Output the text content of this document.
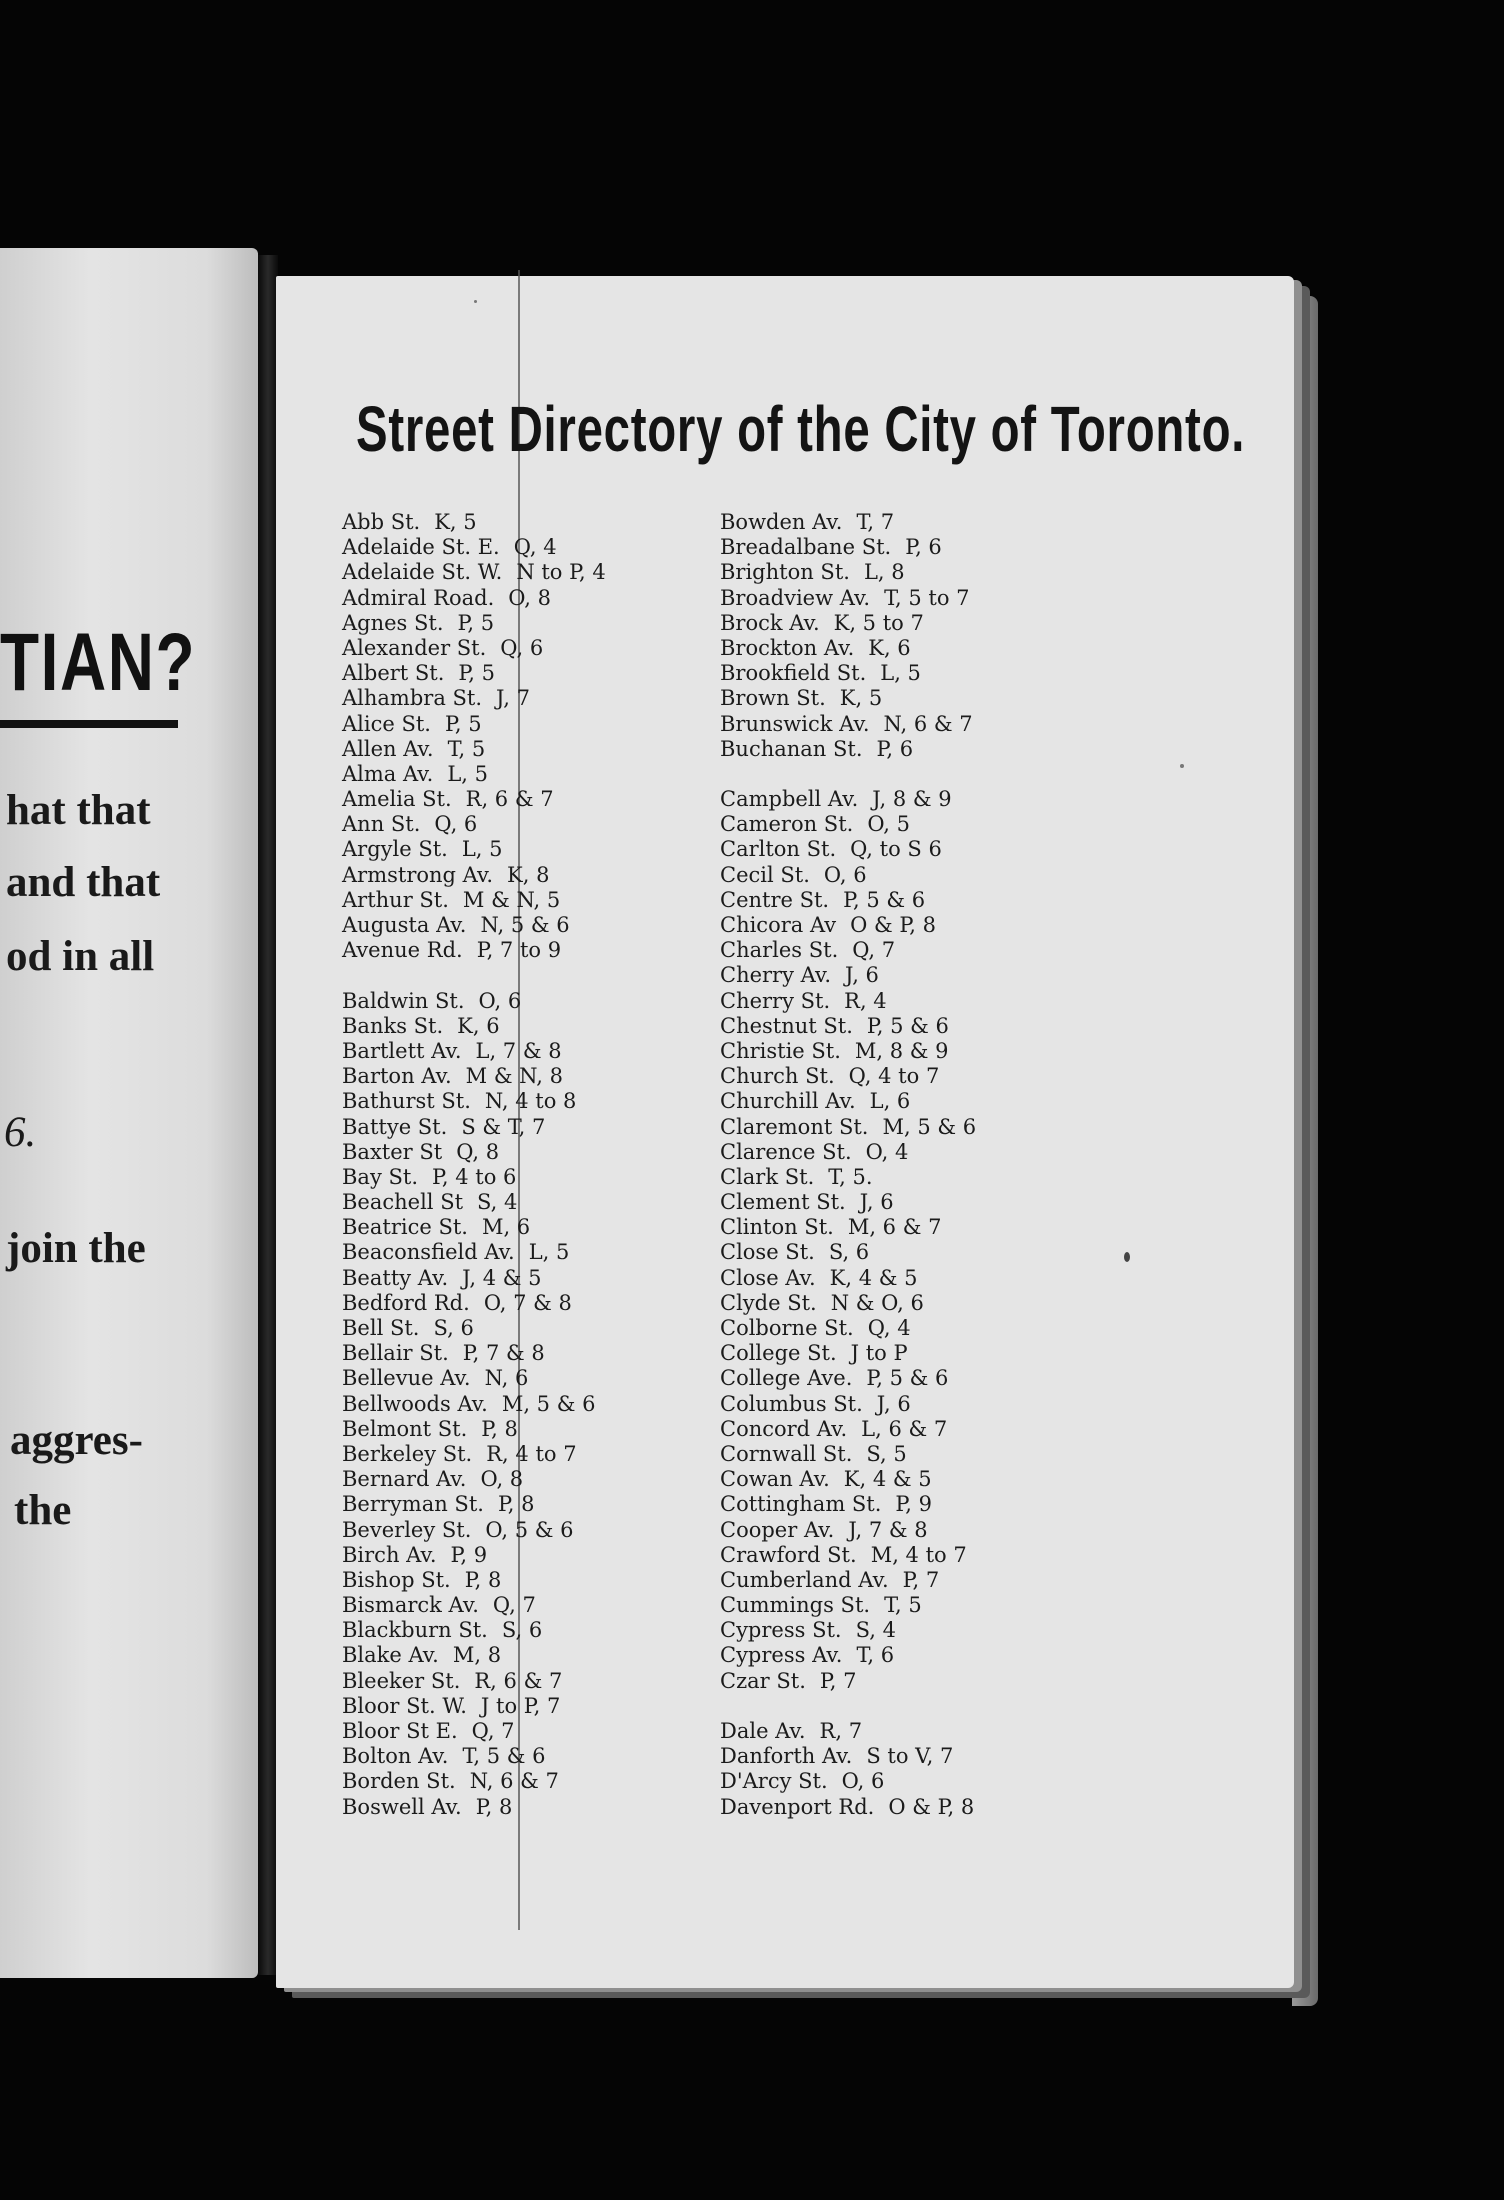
TIAN?
hat that
and that
od in all
6.
join the
aggres-
the
Street Directory of the City of Toronto.
Abb St. K, 5
Adelaide St. E. Q, 4
Adelaide St. W. N to P, 4
Admiral Road. O, 8
Agnes St. P, 5
Alexander St. Q, 6
Albert St. P, 5
Alhambra St. J, 7
Alice St. P, 5
Allen Av. T, 5
Alma Av. L, 5
Amelia St. R, 6 & 7
Ann St. Q, 6
Argyle St. L, 5
Armstrong Av. K, 8
Arthur St. M & N, 5
Augusta Av. N, 5 & 6
Avenue Rd. P, 7 to 9
Baldwin St. O, 6
Banks St. K, 6
Bartlett Av. L, 7 & 8
Barton Av. M & N, 8
Bathurst St. N, 4 to 8
Battye St. S & T, 7
Baxter St Q, 8
Bay St. P, 4 to 6
Beachell St S, 4
Beatrice St. M, 6
Beaconsfield Av. L, 5
Beatty Av. J, 4 & 5
Bedford Rd. O, 7 & 8
Bell St. S, 6
Bellair St. P, 7 & 8
Bellevue Av. N, 6
Bellwoods Av. M, 5 & 6
Belmont St. P, 8
Berkeley St. R, 4 to 7
Bernard Av. O, 8
Berryman St. P, 8
Beverley St. O, 5 & 6
Birch Av. P, 9
Bishop St. P, 8
Bismarck Av. Q, 7
Blackburn St. S, 6
Blake Av. M, 8
Bleeker St. R, 6 & 7
Bloor St. W. J to P, 7
Bloor St E. Q, 7
Bolton Av. T, 5 & 6
Borden St. N, 6 & 7
Boswell Av. P, 8
Bowden Av. T, 7
Breadalbane St. P, 6
Brighton St. L, 8
Broadview Av. T, 5 to 7
Brock Av. K, 5 to 7
Brockton Av. K, 6
Brookfield St. L, 5
Brown St. K, 5
Brunswick Av. N, 6 & 7
Buchanan St. P, 6
Campbell Av. J, 8 & 9
Cameron St. O, 5
Carlton St. Q, to S 6
Cecil St. O, 6
Centre St. P, 5 & 6
Chicora Av O & P, 8
Charles St. Q, 7
Cherry Av. J, 6
Cherry St. R, 4
Chestnut St. P, 5 & 6
Christie St. M, 8 & 9
Church St. Q, 4 to 7
Churchill Av. L, 6
Claremont St. M, 5 & 6
Clarence St. O, 4
Clark St. T, 5.
Clement St. J, 6
Clinton St. M, 6 & 7
Close St. S, 6
Close Av. K, 4 & 5
Clyde St. N & O, 6
Colborne St. Q, 4
College St. J to P
College Ave. P, 5 & 6
Columbus St. J, 6
Concord Av. L, 6 & 7
Cornwall St. S, 5
Cowan Av. K, 4 & 5
Cottingham St. P, 9
Cooper Av. J, 7 & 8
Crawford St. M, 4 to 7
Cumberland Av. P, 7
Cummings St. T, 5
Cypress St. S, 4
Cypress Av. T, 6
Czar St. P, 7
Dale Av. R, 7
Danforth Av. S to V, 7
D'Arcy St. O, 6
Davenport Rd. O & P, 8
